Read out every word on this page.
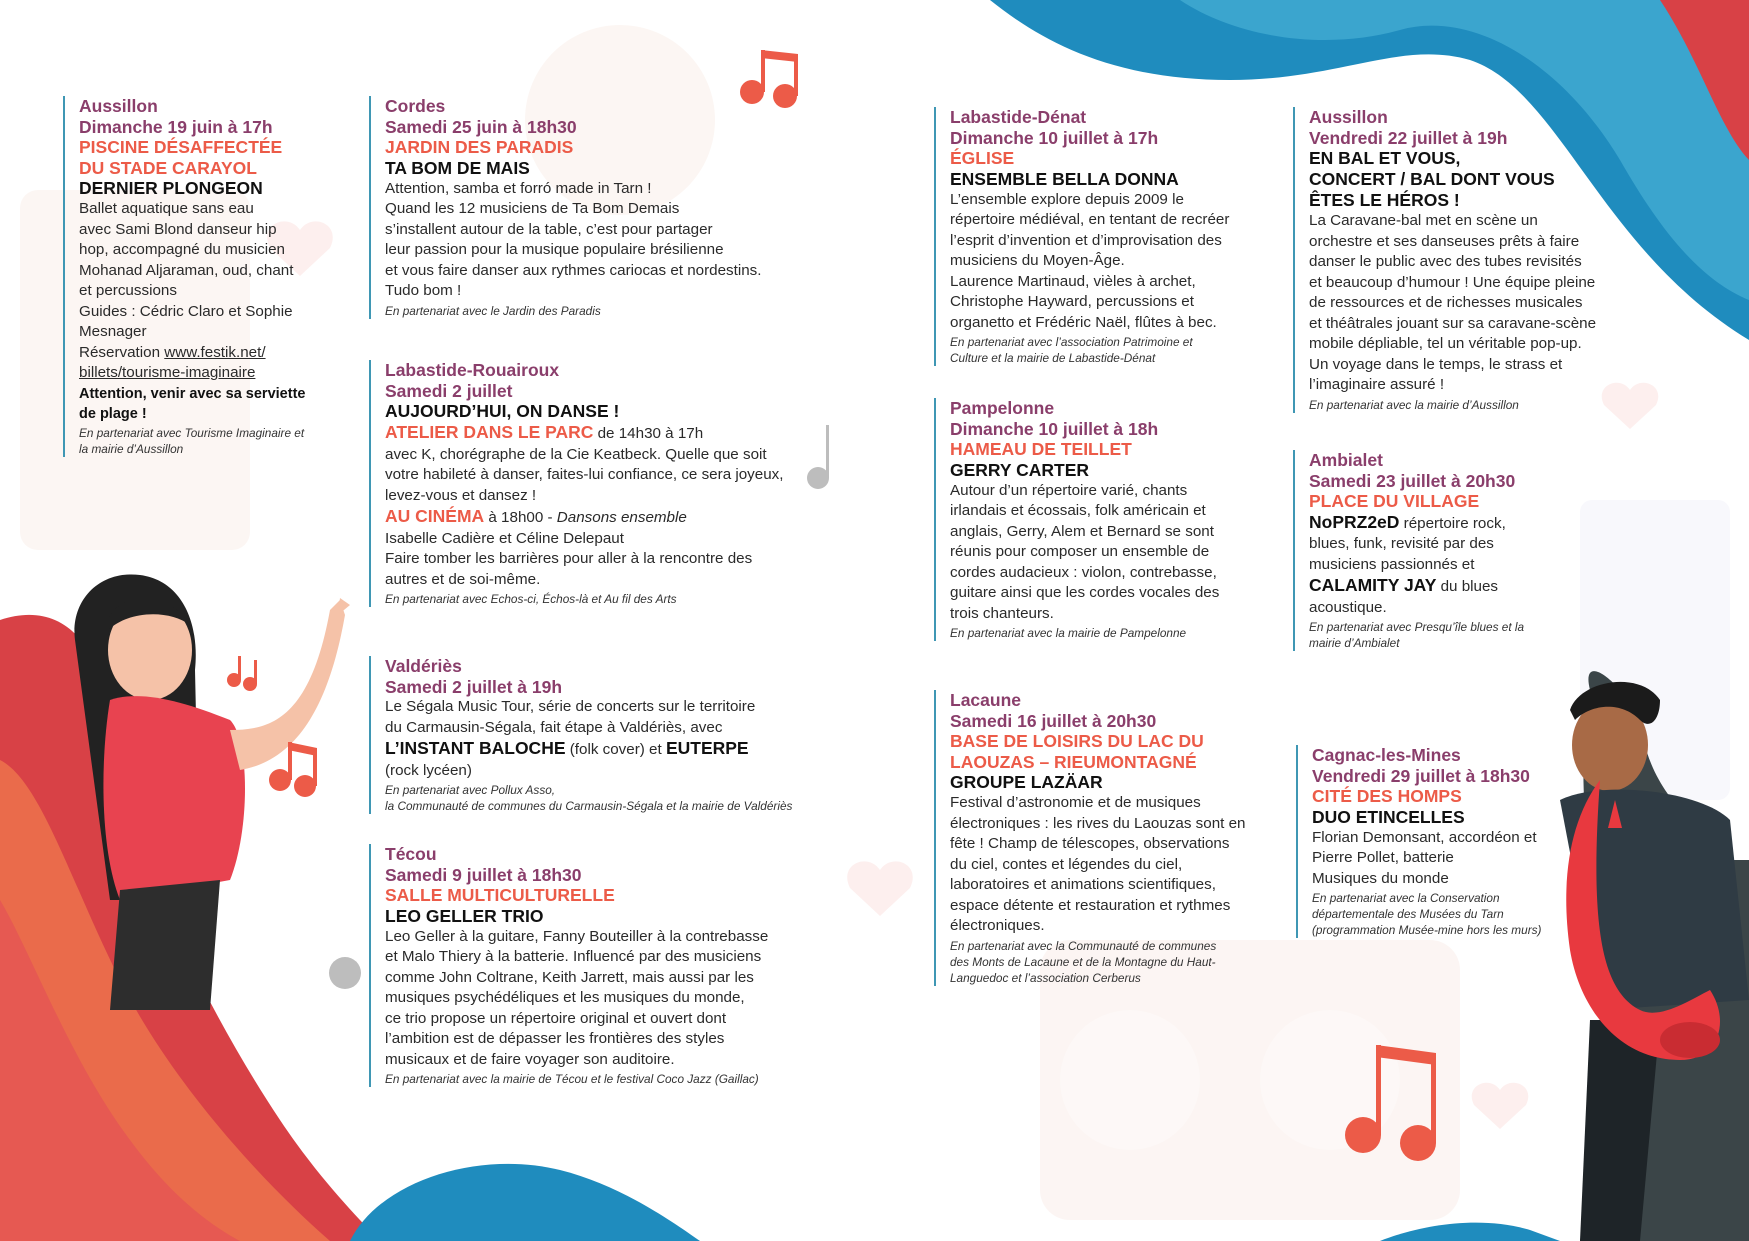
Aussillon
Dimanche 19 juin à 17h
PISCINE DÉSAFFECTÉE
DU STADE CARAYOL
DERNIER PLONGEON
Ballet aquatique sans eau
avec Sami Blond danseur hip
hop, accompagné du musicien
Mohanad Aljaraman, oud, chant
et percussions
Guides : Cédric Claro et Sophie
Mesnager
Réservation www.festik.net/
billets/tourisme-imaginaire
Attention, venir avec sa serviette
de plage !
En partenariat avec Tourisme Imaginaire et
la mairie d’Aussillon
Cordes
Samedi 25 juin à 18h30
JARDIN DES PARADIS
TA BOM DE MAIS
Attention, samba et forró made in Tarn !
Quand les 12 musiciens de Ta Bom Demais
s’installent autour de la table, c’est pour partager
leur passion pour la musique populaire brésilienne
et vous faire danser aux rythmes cariocas et nordestins.
Tudo bom !
En partenariat avec le Jardin des Paradis
Labastide-Rouairoux
Samedi 2 juillet
AUJOURD’HUI, ON DANSE !
ATELIER DANS LE PARC de 14h30 à 17h
avec K, chorégraphe de la Cie Keatbeck. Quelle que soit
votre habileté à danser, faites-lui confiance, ce sera joyeux,
levez-vous et dansez !
AU CINÉMA à 18h00 - Dansons ensemble
Isabelle Cadière et Céline Delepaut
Faire tomber les barrières pour aller à la rencontre des
autres et de soi-même.
En partenariat avec Echos-ci, Échos-là et Au fil des Arts
Valdériès
Samedi 2 juillet à 19h
Le Ségala Music Tour, série de concerts sur le territoire
du Carmausin-Ségala, fait étape à Valdériès, avec
L’INSTANT BALOCHE (folk cover) et EUTERPE
(rock lycéen)
En partenariat avec Pollux Asso,
la Communauté de communes du Carmausin-Ségala et la mairie de Valdériès
Técou
Samedi 9 juillet à 18h30
SALLE MULTICULTURELLE
LEO GELLER TRIO
Leo Geller à la guitare, Fanny Bouteiller à la contrebasse
et Malo Thiery à la batterie. Influencé par des musiciens
comme John Coltrane, Keith Jarrett, mais aussi par les
musiques psychédéliques et les musiques du monde,
ce trio propose un répertoire original et ouvert dont
l’ambition est de dépasser les frontières des styles
musicaux et de faire voyager son auditoire.
En partenariat avec la mairie de Técou et le festival Coco Jazz (Gaillac)
Labastide-Dénat
Dimanche 10 juillet à 17h
ÉGLISE
ENSEMBLE BELLA DONNA
L’ensemble explore depuis 2009 le
répertoire médiéval, en tentant de recréer
l’esprit d’invention et d’improvisation des
musiciens du Moyen-Âge.
Laurence Martinaud, vièles à archet,
Christophe Hayward, percussions et
organetto et Frédéric Naël, flûtes à bec.
En partenariat avec l’association Patrimoine et
Culture et la mairie de Labastide-Dénat
Pampelonne
Dimanche 10 juillet à 18h
HAMEAU DE TEILLET
GERRY CARTER
Autour d’un répertoire varié, chants
irlandais et écossais, folk américain et
anglais, Gerry, Alem et Bernard se sont
réunis pour composer un ensemble de
cordes audacieux : violon, contrebasse,
guitare ainsi que les cordes vocales des
trois chanteurs.
En partenariat avec la mairie de Pampelonne
Lacaune
Samedi 16 juillet à 20h30
BASE DE LOISIRS DU LAC DU
LAOUZAS – RIEUMONTAGNÉ
GROUPE LAZÄAR
Festival d’astronomie et de musiques
électroniques : les rives du Laouzas sont en
fête ! Champ de télescopes, observations
du ciel, contes et légendes du ciel,
laboratoires et animations scientifiques,
espace détente et restauration et rythmes
électroniques.
En partenariat avec la Communauté de communes
des Monts de Lacaune et de la Montagne du Haut-
Languedoc et l’association Cerberus
Aussillon
Vendredi 22 juillet à 19h
EN BAL ET VOUS,
CONCERT / BAL DONT VOUS
ÊTES LE HÉROS !
La Caravane-bal met en scène un
orchestre et ses danseuses prêts à faire
danser le public avec des tubes revisités
et beaucoup d’humour ! Une équipe pleine
de ressources et de richesses musicales
et théâtrales jouant sur sa caravane-scène
mobile dépliable, tel un véritable pop-up.
Un voyage dans le temps, le strass et
l’imaginaire assuré !
En partenariat avec la mairie d’Aussillon
Ambialet
Samedi 23 juillet à 20h30
PLACE DU VILLAGE
NoPRZ2eD répertoire rock,
blues, funk, revisité par des
musiciens passionnés et
CALAMITY JAY du blues
acoustique.
En partenariat avec Presqu’île blues et la
mairie d’Ambialet
Cagnac-les-Mines
Vendredi 29 juillet à 18h30
CITÉ DES HOMPS
DUO ETINCELLES
Florian Demonsant, accordéon et
Pierre Pollet, batterie
Musiques du monde
En partenariat avec la Conservation
départementale des Musées du Tarn
(programmation Musée-mine hors les murs)
